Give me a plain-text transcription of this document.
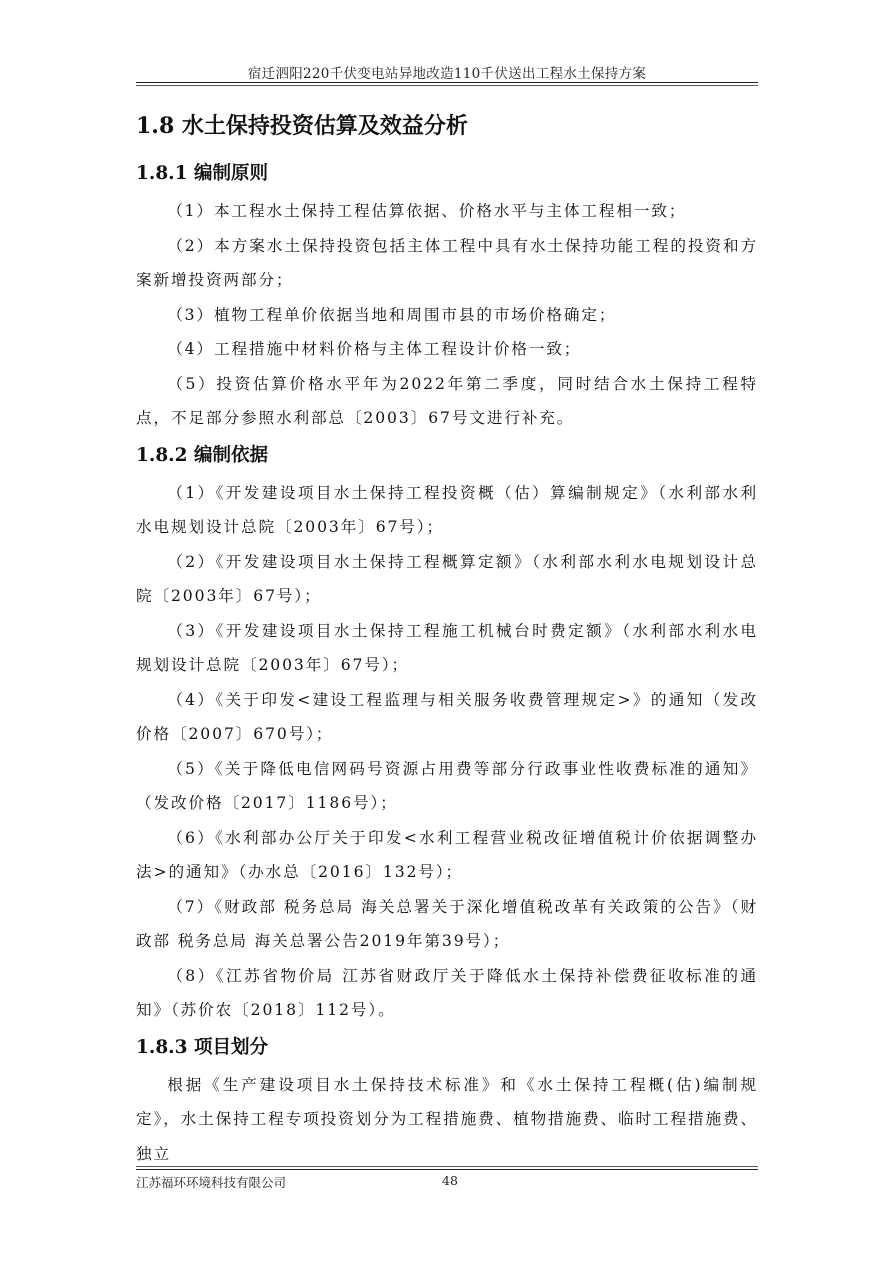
宿迁泗阳220千伏变电站异地改造110千伏送出工程水土保持方案
1.8 水土保持投资估算及效益分析
1.8.1 编制原则

（1）本工程水土保持工程估算依据、价格水平与主体工程相一致；

（2）本方案水土保持投资包括主体工程中具有水土保持功能工程的投资和方案新增投资两部分；

（3）植物工程单价依据当地和周围市县的市场价格确定；

（4）工程措施中材料价格与主体工程设计价格一致；

（5）投资估算价格水平年为2022年第二季度，同时结合水土保持工程特点，不足部分参照水利部总〔2003〕67号文进行补充。

1.8.2 编制依据

（1）《开发建设项目水土保持工程投资概（估）算编制规定》（水利部水利水电规划设计总院〔2003年〕67号）；

（2）《开发建设项目水土保持工程概算定额》（水利部水利水电规划设计总院〔2003年〕67号）；

（3）《开发建设项目水土保持工程施工机械台时费定额》（水利部水利水电规划设计总院〔2003年〕67号）；

（4）《关于印发<建设工程监理与相关服务收费管理规定>》的通知（发改价格〔2007〕670号）；

（5）《关于降低电信网码号资源占用费等部分行政事业性收费标准的通知》（发改价格〔2017〕1186号）；

（6）《水利部办公厅关于印发<水利工程营业税改征增值税计价依据调整办法>的通知》（办水总〔2016〕132号）；

（7）《财政部 税务总局 海关总署关于深化增值税改革有关政策的公告》（财政部 税务总局 海关总署公告2019年第39号）；

（8）《江苏省物价局 江苏省财政厅关于降低水土保持补偿费征收标准的通知》（苏价农〔2018〕112号）。

1.8.3 项目划分

根据《生产建设项目水土保持技术标准》和《水土保持工程概(估)编制规定》，水土保持工程专项投资划分为工程措施费、植物措施费、临时工程措施费、独立

江苏福环环境科技有限公司	48
